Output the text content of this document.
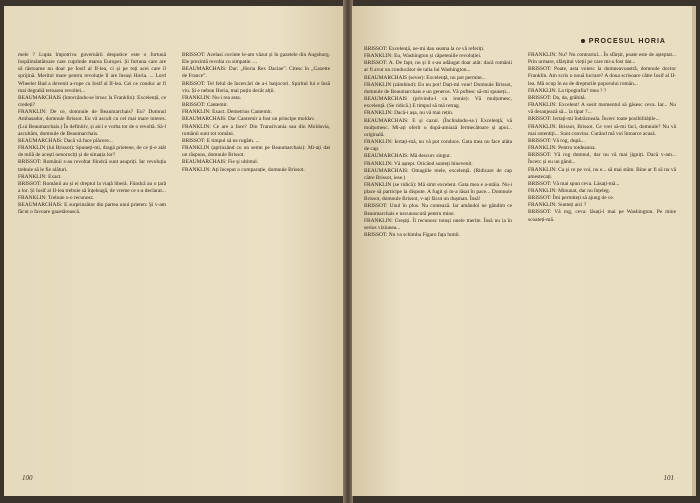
mele ? Lupta împotriva guvernării despotice este o furtună înspăimântătoare care cuprinde marea Europei. Și furtuna care are să răstoarne nu doar pe Iosif al II-lea, ci și pe toți acei care îl sprijină. Meritul mare pentru revoluție îl are însuși Horia. ... Lord Wheeler Bad a devenit a-rupe cu Iosif al II-lea. Cei ce conduc ar fi mai degrabă teroarea revoltei...

BEAUMARCHAIS (întorcându-se brusc la Franklin): Excelență, ce credeți?

FRANKLIN: De ce, domnule de Beaumarchais? Eu? Domnul Ambasador, domnule Brissot. Eu vă ascult cu cel mai mare interes. (Lui Beaumarchais.) În definitiv, și aici e vorba tot de o revoltă. Să-l ascultăm, domnule de Beaumarchais.

BEAUMARCHAIS: Dacă vă face plăcere...

FRANKLIN (lui Brissot): Spuneți-mi, dragă prietene, de ce ți-e atât de milă de acești nenorociți și de situația lor?

BRISSOT: Românii s-au revoltat fiindcă sunt asupriți. Iar revoluția trebuie să le fie alături.

FRANKLIN: Exact.

BRISSOT: Românii au și ei dreptul la viață liberă. Fiindcă au o țară a lor. Și Iosif al II-lea trebuie să înțeleagă, de vreme ce s-a declarat...

FRANKLIN: Trebuie s-o recunosc.

BEAUMARCHAIS: E surprinzător din partea unui prieten: Și v-am făcut o favoare gazetărească.

BRISSOT: Acelasi cuvinte le-am văzut și în gazetele din Augsburg. Ele prezintă revolta cu simpatie. ...

BEAUMARCHAIS: Dar: „Horia Rex Daciae”. Citesc în „Gazette de France”.

BRISSOT: Tel felul de încercări de a-i batjocori. Spiritul lui e însă viu. Și e nebun Horia, mai puțin decât alții.

FRANKLIN: Nu-i rea asta.

BRISSOT: Cantemir.

FRANKLIN: Exact. Demetrius Cantemir.

BEAUMARCHAIS: Dar Cantemir a fost un principe moldav.

FRANKLIN: Ce are a face? Din Transilvania sau din Moldavia, românii sunt tot români.

BRISSOT: E timpul să ne rugăm. ...

FRANKLIN (aprinzând cu un semn pe Beaumarchais): Mi-ați dat un răspuns, domnule Brissot.

BEAUMARCHAIS: Fie și ultimul.

FRANKLIN: Ați început o comparație, domnule Brissot.

100
PROCESUL HORIA

BRISSOT: Excelență, ne-mi dau seama la ce vă referiți.

FRANKLIN: Eu, Washington și căpeteniile revoluției.

BRISSOT: A. De fapt, nu și li s-au adăugat doar atât: dacă românii ar fi avut un conducător de talia lui Washington...

BEAUMARCHAIS (sever): Excelență, nu pot permite...

FRANKLIN (zâmbind): Eu nu pot! Dați-mi voie! Domnule Brissot, domnule de Beaumarchais e un generos. Vă poftesc să-mi spuneți...

BEAUMARCHAIS (privindu-l cu ironie): Vă mulțumesc, excelență. (Se ridică.) E timpul să mă retrag.

FRANKLIN: Dacă-i așa, nu vă mai rețin.

BEAUMARCHAIS: E și cazul. (Înclinându-se.) Excelență, vă mulțumesc. Mi-ați oferit o după-amiază fermecătoare și apoi... originală.

FRANKLIN: Iertați-mă, nu vă pot conduce. Gata mea nu face atâta de cap.

BEAUMARCHAIS: Mă descurc singur.

FRANKLIN: Vă aștept. Oricând sunteți binevenit.

BEAUMARCHAIS: Omagiile mele, excelență. (Ridicare de cap către Brissot, iese.)

FRANKLIN (se ridică): Mă simt excelent. Gata mea e a-ntâia. Nu-i place să participe la dispute. A fugit și m-a lăsat în pace... Domnule Brissot, domnule Brissot, v-ați făcut un dușman. Însă!

BRISSOT: Unul în plus. Nu contează. Iar amândoi ne gândim ce Beaumarchais e necunoscută pentru mine.

FRANKLIN: Greșiți. Îi recunosc totuși unele merite. Însă nu ia în serios viziunea...

BRISSOT: Nu va schimba Figaro fața lumii.

FRANKLIN: Nu? Nu contrariul... În sfârșit, poate este de așteptat... Prin urmare, sfârșitul vieții pe care mi-a fost dat...

BRISSOT: Poate, asta voiesc la dumneavoastră, domnule doctor Franklin. Am scris o nouă lucrare? A doua scrisoare către Iosif al II-lea. Mă ocup în ea de drepturile poporului român...

FRANKLIN: La tipografia? mea ? ?

BRISSOT: Da, da, grăbită.

FRANKLIN: Excelent! A sosit momentul să găsesc ceva. Iar... Nu vă deranjează să... la tipar ?...

BRISSOT: Iertați-mi îndrăzneala. Încerc toate posibilitățile...

FRANKLIN: Brissot, Brissot. Ce vrei să-mi faci, domnule? Nu vă mai ostentiți... Sunt convins. Curând mă voi întoarce acasă.

BRISSOT: Vă rog, după...

FRANKLIN: Pentru totdeauna.

BRISSOT: Vă rog domnul, dar nu vă mai jigniți. Dacă v-am... Încerc și eu un gând...

FRANKLIN: Ca și ce pe voi, nu e... să mai stăm. Bine ar fi să nu vă amestecați.

BRISSOT: Vă mai spun ceva. Lăsați-mă...

FRANKLIN: Minunat, dar nu înțeleg.

BRISSOT: Îmi permiteți să ajung de ce.

FRANKLIN: Sunteți aici ?

BRISSOT: Vă rog, ceva: lăsați-l mai pe Washington. Pe mine scoateți-mă.

101
